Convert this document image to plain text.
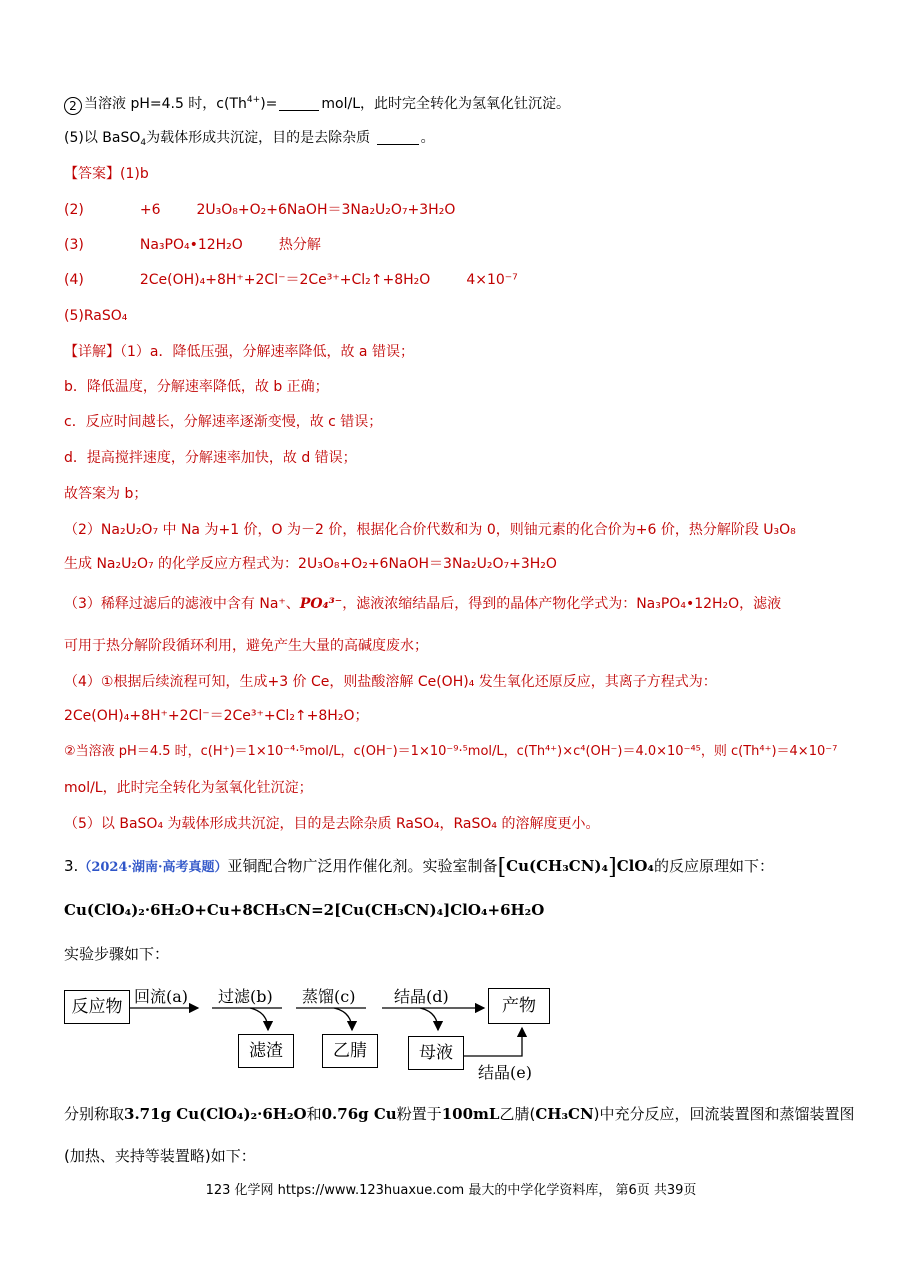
2 当溶液 pH=4.5 时，$c(Th^{4+})=$	mol/L，此时完全转化为氢氧化钍沉淀。
(5)以 BaSO$_4$为载体形成共沉淀，目的是去除杂质	。
【答案】(1)b
(2)	+6	2U₃O₈+O₂+6NaOH＝3Na₂U₂O₇+3H₂O
(3)	Na₃PO₄•12H₂O	热分解
(4)	2Ce(OH)₄+8H⁺+2Cl⁻＝2Ce³⁺+Cl₂↑+8H₂O	4×10⁻⁷
(5)RaSO₄
【详解】（1）a．降低压强，分解速率降低，故 a 错误；
b．降低温度，分解速率降低，故 b 正确；
c．反应时间越长，分解速率逐渐变慢，故 c 错误；
d．提高搅拌速度，分解速率加快，故 d 错误；
故答案为 b；
（2）Na₂U₂O₇ 中 Na 为+1 价，O 为－2 价，根据化合价代数和为 0，则铀元素的化合价为+6 价，热分解阶段 U₃O₈
生成 Na₂U₂O₇ 的化学反应方程式为：2U₃O₈+O₂+6NaOH＝3Na₂U₂O₇+3H₂O
（3）稀释过滤后的滤液中含有 Na⁺、PO₄³⁻，滤液浓缩结晶后，得到的晶体产物化学式为：Na₃PO₄•12H₂O，滤液
可用于热分解阶段循环利用，避免产生大量的高碱度废水；
（4）①根据后续流程可知，生成+3 价 Ce，则盐酸溶解 Ce(OH)₄ 发生氧化还原反应，其离子方程式为：
2Ce(OH)₄+8H⁺+2Cl⁻＝2Ce³⁺+Cl₂↑+8H₂O；
②当溶液 pH＝4.5 时，c(H⁺)＝1×10⁻⁴·⁵mol/L，c(OH⁻)＝1×10⁻⁹·⁵mol/L，c(Th⁴⁺)×c⁴(OH⁻)＝4.0×10⁻⁴⁵，则 c(Th⁴⁺)＝4×10⁻⁷
mol/L，此时完全转化为氢氧化钍沉淀；
（5）以 BaSO₄ 为载体形成共沉淀，目的是去除杂质 RaSO₄，RaSO₄ 的溶解度更小。
3.（2024·湖南·高考真题）亚铜配合物广泛用作催化剂。实验室制备[Cu(CH₃CN)₄]ClO₄的反应原理如下：
Cu(ClO₄)₂·6H₂O+Cu+8CH₃CN=2[Cu(CH₃CN)₄]ClO₄+6H₂O
实验步骤如下：
反应物	产物
滤渣	乙腈	母液
回流(a) 过滤(b) 蒸馏(c) 结晶(d)
结晶(e)
分别称取3.71g Cu(ClO₄)₂·6H₂O和0.76g Cu粉置于100mL乙腈(CH₃CN)中充分反应，回流装置图和蒸馏装置图
(加热、夹持等装置略)如下：
123 化学网 https://www.123huaxue.com 最大的中学化学资料库， 第6页 共39页
